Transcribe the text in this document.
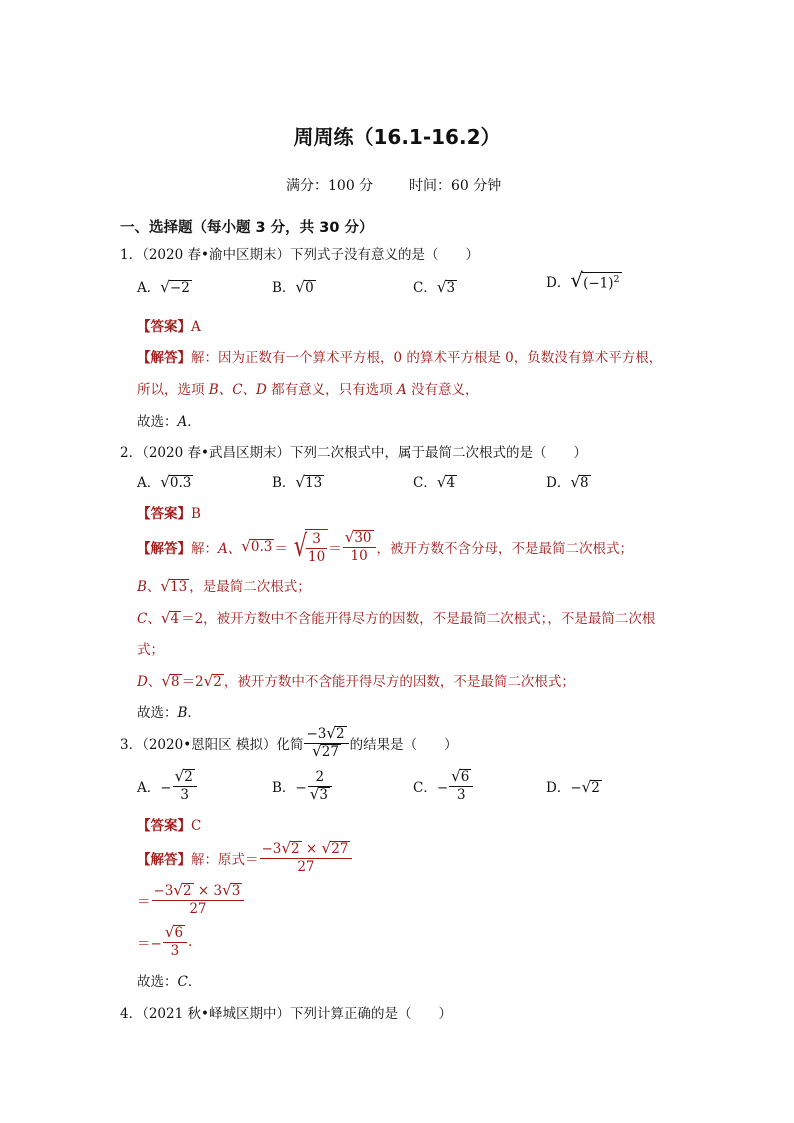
周周练（16.1-16.2）
满分：100 分	时间：60 分钟
一、选择题（每小题 3 分，共 30 分）
1．（2020 春•渝中区期末）下列式子没有意义的是（　　）
A．√−2	B．√0	C．√3	D．$√(-1)^2$
【答案】A
【解答】解：因为正数有一个算术平方根，0 的算术平方根是 0，负数没有算术平方根，
所以，选项 B、C、D 都有意义，只有选项 A 没有意义，
故选：A．
2．（2020 春•武昌区期末）下列二次根式中，属于最简二次根式的是（　　）
A．√0.3	B．√13	C．√4	D．√8
【答案】B
【解答】 解： A、 √ 0.3 ＝ √ $\frac{3}{10} = \frac{√30}{10}$ ，被开方数不含分母，不是最简二次根式；
B、√13 ，是最简二次根式；
C、√4 ＝2，被开方数中不含能开得尽方的因数，不是最简二次根式；，不是最简二次根
式；
D、√8 ＝2√2 ，被开方数中不含能开得尽方的因数，不是最简二次根式；
故选：B．
3．（2020•恩阳区 模拟）化简 $\frac{-3√2}{√27}$ 的结果是（　　）
A．− $\frac{√2}{3}$	B．− $\frac{2}{√3}$	C．− $\frac{√6}{3}$	D．−√2
【答案】C
【解答】 解：原式＝ $\frac{-3√2 \times √27}{27}$
＝ $\frac{-3√2 \times 3√3}{27}$
＝− $\frac{√6}{3}$ .
故选：C．
4．（2021 秋•峄城区期中）下列计算正确的是（　　）
